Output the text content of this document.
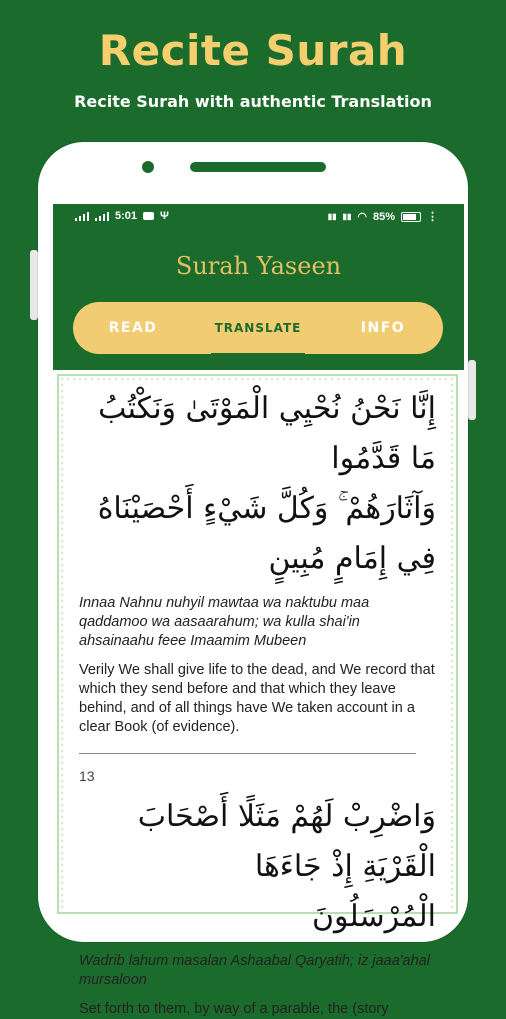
Recite Surah
Recite Surah with authentic Translation
5:01 Ψ	▮▮ ▮▮ ◠ 85%	⋮
Surah Yaseen
READ	TRANSLATE	INFO
إِنَّا نَحْنُ نُحْيِي الْمَوْتَىٰ وَنَكْتُبُ مَا قَدَّمُوا
وَآثَارَهُمْ ۚ وَكُلَّ شَيْءٍ أَحْصَيْنَاهُ فِي إِمَامٍ مُبِينٍ
Innaa Nahnu nuhyil mawtaa wa naktubu maa qaddamoo wa aasaarahum; wa kulla shai'in ahsainaahu feee Imaamim Mubeen
Verily We shall give life to the dead, and We record that which they send before and that which they leave behind, and of all things have We taken account in a clear Book (of evidence).
13
وَاضْرِبْ لَهُمْ مَثَلًا أَصْحَابَ الْقَرْيَةِ إِذْ جَاءَهَا
الْمُرْسَلُونَ
Wadrib lahum masalan Ashaabal Qaryatih; iz jaaa'ahal mursaloon
Set forth to them, by way of a parable, the (story
